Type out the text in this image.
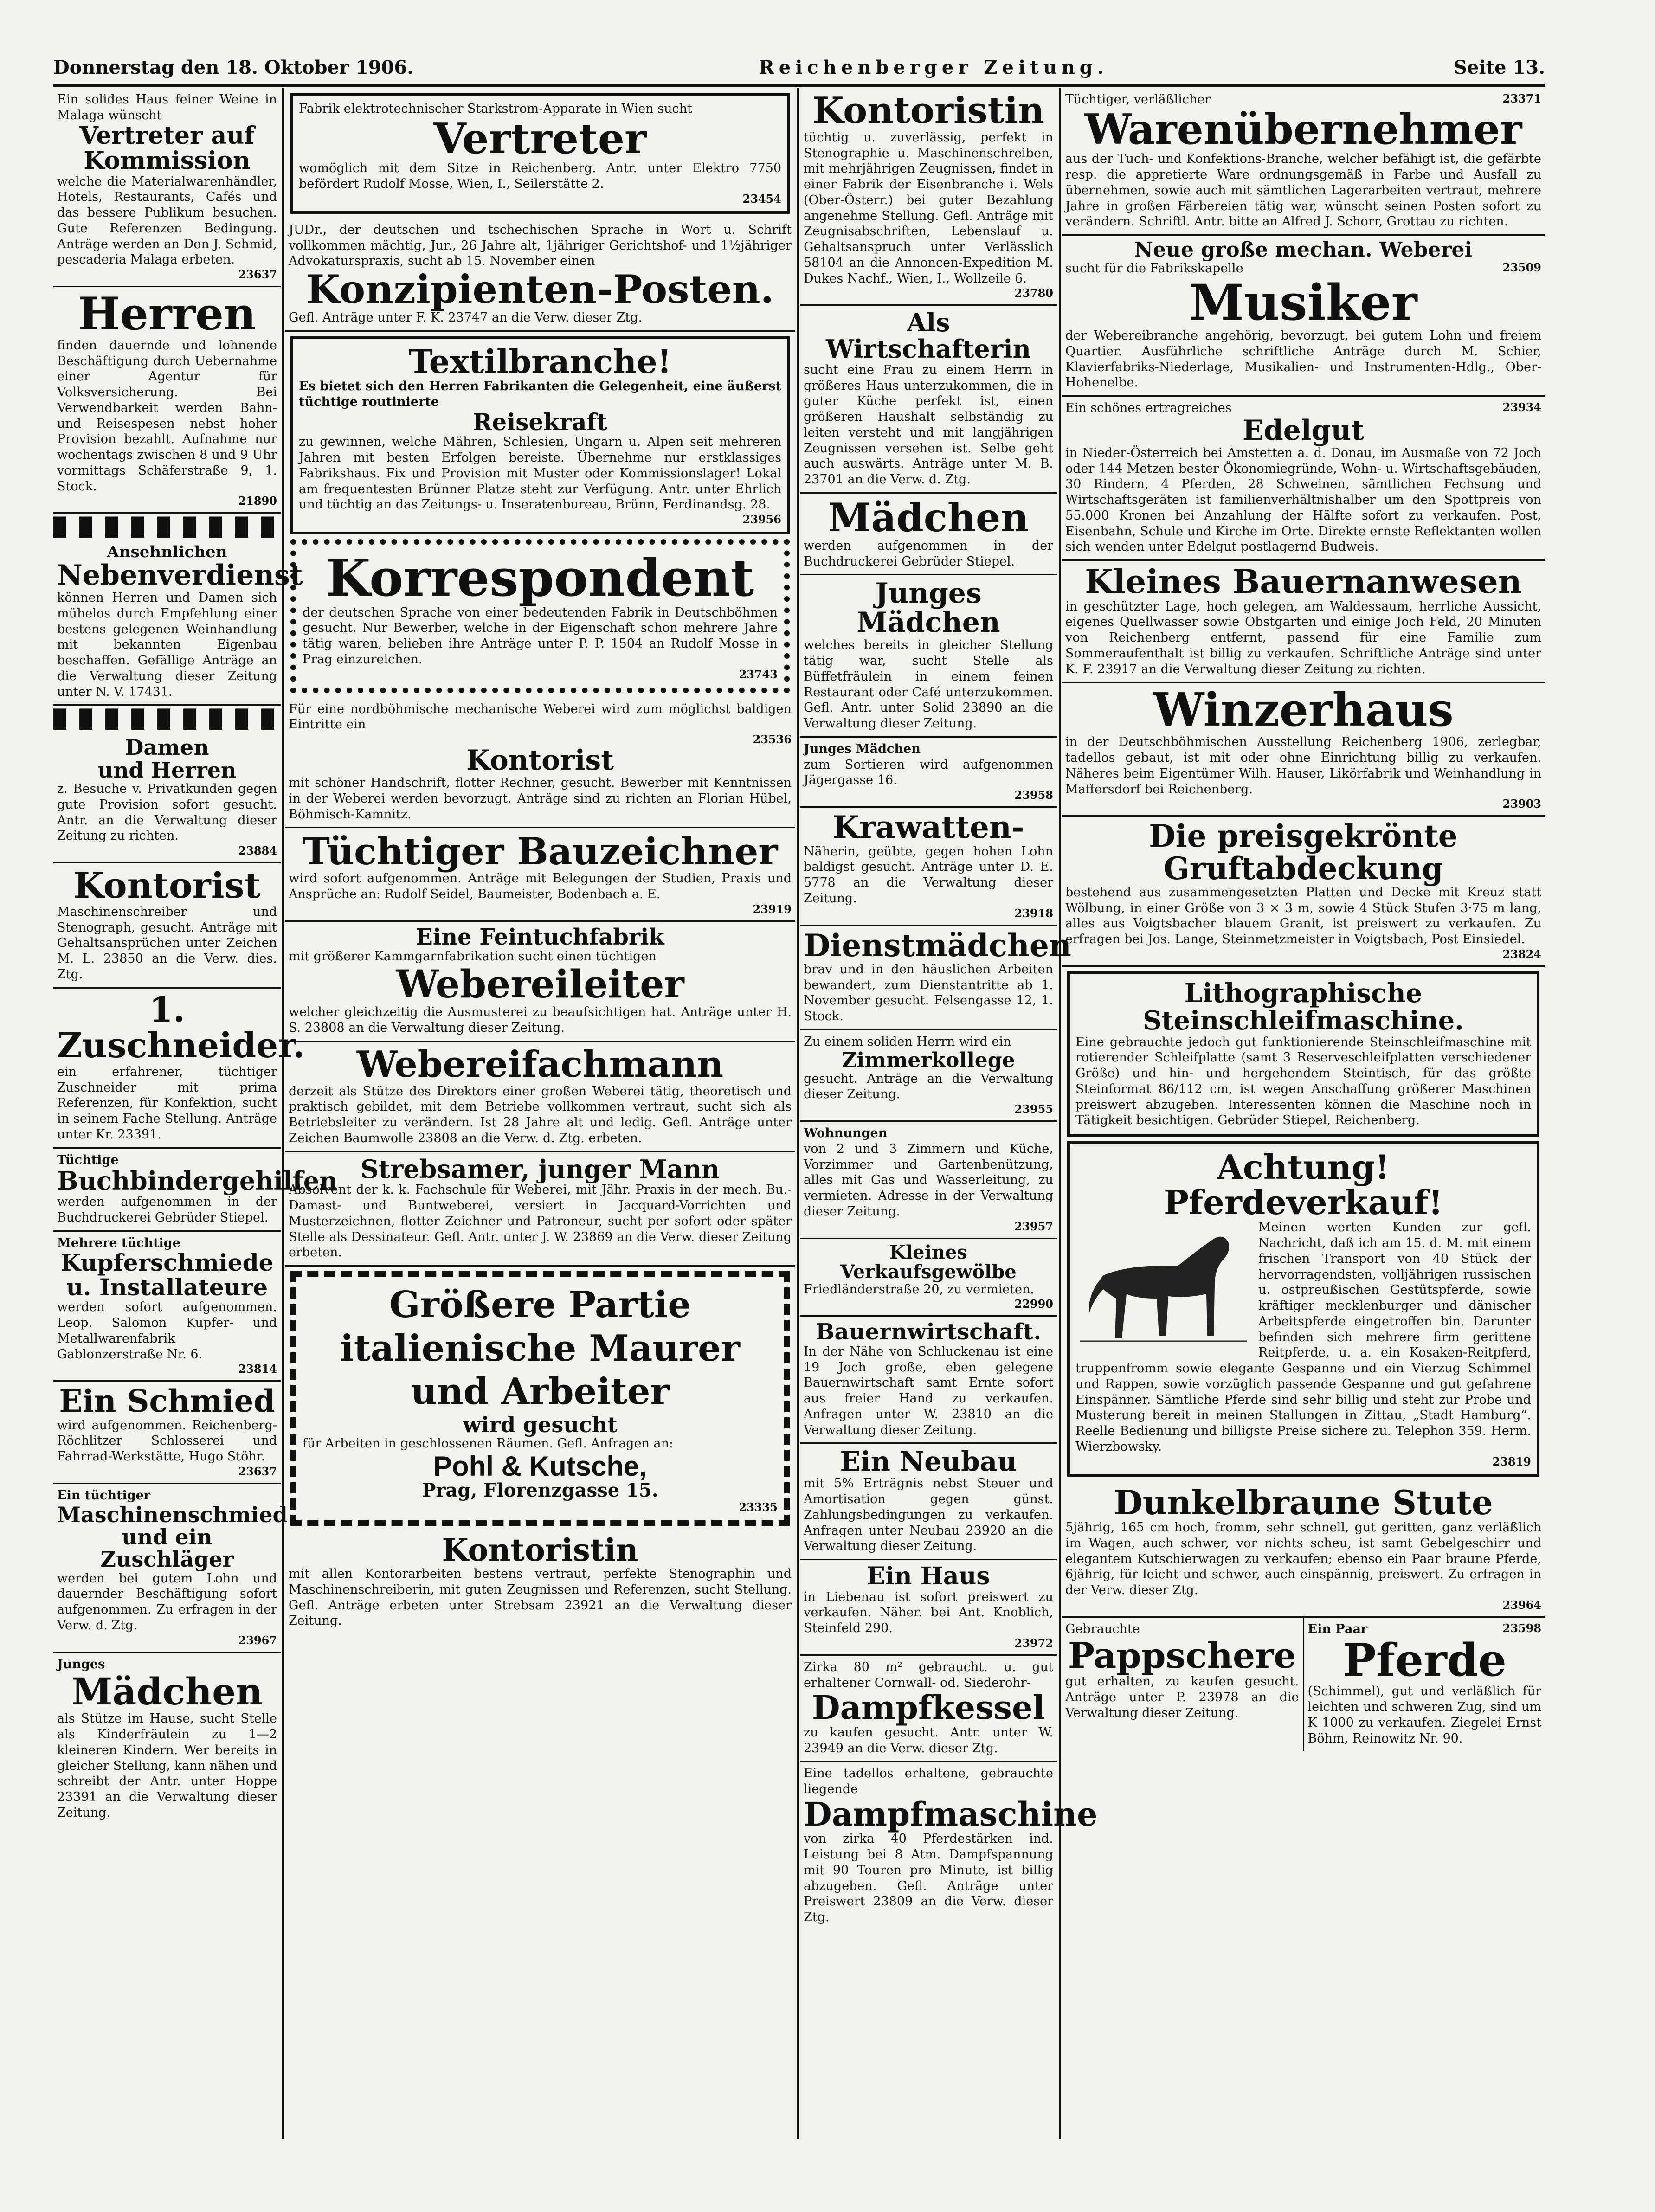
Donnerstag den 18. Oktober 1906.	Reichenberger Zeitung.	Seite 13.
Ein solides Haus feiner Weine in Malaga wünscht
Vertreter auf Kommission
welche die Materialwarenhändler, Hotels, Restaurants, Cafés und das bessere Publikum besuchen. Gute Referenzen Bedingung. Anträge werden an Don J. Schmid, pescaderia Malaga erbeten.
23637
Herren
finden dauernde und lohnende Beschäftigung durch Uebernahme einer Agentur für Volksversicherung. Bei Verwendbarkeit werden Bahn- und Reisespesen nebst hoher Provision bezahlt. Aufnahme nur wochentags zwischen 8 und 9 Uhr vormittags Schäferstraße 9, 1. Stock.
21890
Ansehnlichen
Nebenverdienst
können Herren und Damen sich mühelos durch Empfehlung einer bestens gelegenen Weinhandlung mit bekannten Eigenbau beschaffen. Gefällige Anträge an die Verwaltung dieser Zeitung unter N. V. 17431.
Damen
und Herren
z. Besuche v. Privatkunden gegen gute Provision sofort gesucht. Antr. an die Verwaltung dieser Zeitung zu richten.
23884
Kontorist
Maschinenschreiber und Stenograph, gesucht. Anträge mit Gehaltsansprüchen unter Zeichen M. L. 23850 an die Verw. dies. Ztg.
1. Zuschneider.
ein erfahrener, tüchtiger Zuschneider mit prima Referenzen, für Konfektion, sucht in seinem Fache Stellung. Anträge unter Kr. 23391.
Tüchtige
Buchbindergehilfen
werden aufgenommen in der Buchdruckerei Gebrüder Stiepel.
Mehrere tüchtige
Kupferschmiede u. Installateure
werden sofort aufgenommen. Leop. Salomon Kupfer- und Metallwarenfabrik Gablonzerstraße Nr. 6.
23814
Ein Schmied
wird aufgenommen. Reichenberg-Röchlitzer Schlosserei und Fahrrad-Werkstätte, Hugo Stöhr.
23637
Ein tüchtiger
Maschinenschmied und ein Zuschläger
werden bei gutem Lohn und dauernder Beschäftigung sofort aufgenommen. Zu erfragen in der Verw. d. Ztg.
23967
Junges
Mädchen
als Stütze im Hause, sucht Stelle als Kinderfräulein zu 1—2 kleineren Kindern. Wer bereits in gleicher Stellung, kann nähen und schreibt der Antr. unter Hoppe 23391 an die Verwaltung dieser Zeitung.
Fabrik elektrotechnischer Starkstrom-Apparate in Wien sucht
Vertreter
womöglich mit dem Sitze in Reichenberg. Antr. unter Elektro 7750 befördert Rudolf Mosse, Wien, I., Seilerstätte 2.
23454
JUDr., der deutschen und tschechischen Sprache in Wort u. Schrift vollkommen mächtig, Jur., 26 Jahre alt, 1jähriger Gerichtshof- und 1½jähriger Advokaturspraxis, sucht ab 15. November einen
Konzipienten-Posten.
Gefl. Anträge unter F. K. 23747 an die Verw. dieser Ztg.
Textilbranche!
Es bietet sich den Herren Fabrikanten die Gelegenheit, eine äußerst tüchtige routinierte
Reisekraft
zu gewinnen, welche Mähren, Schlesien, Ungarn u. Alpen seit mehreren Jahren mit besten Erfolgen bereiste. Übernehme nur erstklassiges Fabrikshaus. Fix und Provision mit Muster oder Kommissionslager! Lokal am frequentesten Brünner Platze steht zur Verfügung. Antr. unter Ehrlich und tüchtig an das Zeitungs- u. Inseratenbureau, Brünn, Ferdinandsg. 28.
23956
Korrespondent
der deutschen Sprache von einer bedeutenden Fabrik in Deutschböhmen gesucht. Nur Bewerber, welche in der Eigenschaft schon mehrere Jahre tätig waren, belieben ihre Anträge unter P. P. 1504 an Rudolf Mosse in Prag einzureichen.
23743
Für eine nordböhmische mechanische Weberei wird zum möglichst baldigen Eintritte ein
23536
Kontorist
mit schöner Handschrift, flotter Rechner, gesucht. Bewerber mit Kenntnissen in der Weberei werden bevorzugt. Anträge sind zu richten an Florian Hübel, Böhmisch-Kamnitz.
Tüchtiger Bauzeichner
wird sofort aufgenommen. Anträge mit Belegungen der Studien, Praxis und Ansprüche an: Rudolf Seidel, Baumeister, Bodenbach a. E.
23919
Eine Feintuchfabrik
mit größerer Kammgarnfabrikation sucht einen tüchtigen
Webereileiter
welcher gleichzeitig die Ausmusterei zu beaufsichtigen hat. Anträge unter H. S. 23808 an die Verwaltung dieser Zeitung.
Webereifachmann
derzeit als Stütze des Direktors einer großen Weberei tätig, theoretisch und praktisch gebildet, mit dem Betriebe vollkommen vertraut, sucht sich als Betriebsleiter zu verändern. Ist 28 Jahre alt und ledig. Gefl. Anträge unter Zeichen Baumwolle 23808 an die Verw. d. Ztg. erbeten.
Strebsamer, junger Mann
Absolvent der k. k. Fachschule für Weberei, mit Jähr. Praxis in der mech. Bu.-Damast- und Buntweberei, versiert in Jacquard-Vorrichten und Musterzeichnen, flotter Zeichner und Patroneur, sucht per sofort oder später Stelle als Dessinateur. Gefl. Antr. unter J. W. 23869 an die Verw. dieser Zeitung erbeten.
Größere Partie italienische Maurer und Arbeiter
wird gesucht
für Arbeiten in geschlossenen Räumen. Gefl. Anfragen an:
Pohl & Kutsche,
Prag, Florenzgasse 15.
23335
Kontoristin
mit allen Kontorarbeiten bestens vertraut, perfekte Stenographin und Maschinenschreiberin, mit guten Zeugnissen und Referenzen, sucht Stellung. Gefl. Anträge erbeten unter Strebsam 23921 an die Verwaltung dieser Zeitung.
Kontoristin
tüchtig u. zuverlässig, perfekt in Stenographie u. Maschinenschreiben, mit mehrjährigen Zeugnissen, findet in einer Fabrik der Eisenbranche i. Wels (Ober-Österr.) bei guter Bezahlung angenehme Stellung. Gefl. Anträge mit Zeugnisabschriften, Lebenslauf u. Gehaltsanspruch unter Verlässlich 58104 an die Annoncen-Expedition M. Dukes Nachf., Wien, I., Wollzeile 6.
23780
Als Wirtschafterin
sucht eine Frau zu einem Herrn in größeres Haus unterzukommen, die in guter Küche perfekt ist, einen größeren Haushalt selbständig zu leiten versteht und mit langjährigen Zeugnissen versehen ist. Selbe geht auch auswärts. Anträge unter M. B. 23701 an die Verw. d. Ztg.
Mädchen
werden aufgenommen in der Buchdruckerei Gebrüder Stiepel.
Junges Mädchen
welches bereits in gleicher Stellung tätig war, sucht Stelle als Büffetfräulein in einem feinen Restaurant oder Café unterzukommen. Gefl. Antr. unter Solid 23890 an die Verwaltung dieser Zeitung.
Junges Mädchen
zum Sortieren wird aufgenommen Jägergasse 16.
23958
Krawatten-
Näherin, geübte, gegen hohen Lohn baldigst gesucht. Anträge unter D. E. 5778 an die Verwaltung dieser Zeitung.
23918
Dienstmädchen
brav und in den häuslichen Arbeiten bewandert, zum Dienstantritte ab 1. November gesucht. Felsengasse 12, 1. Stock.
Zu einem soliden Herrn wird ein
Zimmerkollege
gesucht. Anträge an die Verwaltung dieser Zeitung.
23955
Wohnungen
von 2 und 3 Zimmern und Küche, Vorzimmer und Gartenbenützung, alles mit Gas und Wasserleitung, zu vermieten. Adresse in der Verwaltung dieser Zeitung.
23957
Kleines Verkaufsgewölbe
Friedländerstraße 20, zu vermieten.
22990
Bauernwirtschaft.
In der Nähe von Schluckenau ist eine 19 Joch große, eben gelegene Bauernwirtschaft samt Ernte sofort aus freier Hand zu verkaufen. Anfragen unter W. 23810 an die Verwaltung dieser Zeitung.
Ein Neubau
mit 5% Erträgnis nebst Steuer und Amortisation gegen günst. Zahlungsbedingungen zu verkaufen. Anfragen unter Neubau 23920 an die Verwaltung dieser Zeitung.
Ein Haus
in Liebenau ist sofort preiswert zu verkaufen. Näher. bei Ant. Knoblich, Steinfeld 290.
23972
Zirka 80 m² gebraucht. u. gut erhaltener Cornwall- od. Siederohr-
Dampfkessel
zu kaufen gesucht. Antr. unter W. 23949 an die Verw. dieser Ztg.
Eine tadellos erhaltene, gebrauchte liegende
Dampfmaschine
von zirka 40 Pferdestärken ind. Leistung bei 8 Atm. Dampfspannung mit 90 Touren pro Minute, ist billig abzugeben. Gefl. Anträge unter Preiswert 23809 an die Verw. dieser Ztg.
Tüchtiger, verläßlicher	23371
Warenübernehmer
aus der Tuch- und Konfektions-Branche, welcher befähigt ist, die gefärbte resp. die appretierte Ware ordnungsgemäß in Farbe und Ausfall zu übernehmen, sowie auch mit sämtlichen Lagerarbeiten vertraut, mehrere Jahre in großen Färbereien tätig war, wünscht seinen Posten sofort zu verändern. Schriftl. Antr. bitte an Alfred J. Schorr, Grottau zu richten.
Neue große mechan. Weberei
sucht für die Fabrikskapelle	23509
Musiker
der Webereibranche angehörig, bevorzugt, bei gutem Lohn und freiem Quartier. Ausführliche schriftliche Anträge durch M. Schier, Klavierfabriks-Niederlage, Musikalien- und Instrumenten-Hdlg., Ober-Hohenelbe.
Ein schönes ertragreiches	23934
Edelgut
in Nieder-Österreich bei Amstetten a. d. Donau, im Ausmaße von 72 Joch oder 144 Metzen bester Ökonomiegründe, Wohn- u. Wirtschaftsgebäuden, 30 Rindern, 4 Pferden, 28 Schweinen, sämtlichen Fechsung und Wirtschaftsgeräten ist familienverhältnishalber um den Spottpreis von 55.000 Kronen bei Anzahlung der Hälfte sofort zu verkaufen. Post, Eisenbahn, Schule und Kirche im Orte. Direkte ernste Reflektanten wollen sich wenden unter Edelgut postlagernd Budweis.
Kleines Bauernanwesen
in geschützter Lage, hoch gelegen, am Waldessaum, herrliche Aussicht, eigenes Quellwasser sowie Obstgarten und einige Joch Feld, 20 Minuten von Reichenberg entfernt, passend für eine Familie zum Sommeraufenthalt ist billig zu verkaufen. Schriftliche Anträge sind unter K. F. 23917 an die Verwaltung dieser Zeitung zu richten.
Winzerhaus
in der Deutschböhmischen Ausstellung Reichenberg 1906, zerlegbar, tadellos gebaut, ist mit oder ohne Einrichtung billig zu verkaufen. Näheres beim Eigentümer Wilh. Hauser, Likörfabrik und Weinhandlung in Maffersdorf bei Reichenberg.
23903
Die preisgekrönte Gruftabdeckung
bestehend aus zusammengesetzten Platten und Decke mit Kreuz statt Wölbung, in einer Größe von 3 × 3 m, sowie 4 Stück Stufen 3·75 m lang, alles aus Voigtsbacher blauem Granit, ist preiswert zu verkaufen. Zu erfragen bei Jos. Lange, Steinmetzmeister in Voigtsbach, Post Einsiedel.
23824
Lithographische Steinschleifmaschine.
Eine gebrauchte jedoch gut funktionierende Steinschleifmaschine mit rotierender Schleifplatte (samt 3 Reserveschleifplatten verschiedener Größe) und hin- und hergehendem Steintisch, für das größte Steinformat 86/112 cm, ist wegen Anschaffung größerer Maschinen preiswert abzugeben. Interessenten können die Maschine noch in Tätigkeit besichtigen. Gebrüder Stiepel, Reichenberg.
Achtung! Pferdeverkauf!
Meinen werten Kunden zur gefl. Nachricht, daß ich am 15. d. M. mit einem frischen Transport von 40 Stück der hervorragendsten, volljährigen russischen u. ostpreußischen Gestütspferde, sowie kräftiger mecklenburger und dänischer Arbeitspferde eingetroffen bin. Darunter befinden sich mehrere firm gerittene Reitpferde, u. a. ein Kosaken-Reitpferd, truppenfromm sowie elegante Gespanne und ein Vierzug Schimmel und Rappen, sowie vorzüglich passende Gespanne und gut gefahrene Einspänner. Sämtliche Pferde sind sehr billig und steht zur Probe und Musterung bereit in meinen Stallungen in Zittau, „Stadt Hamburg“. Reelle Bedienung und billigste Preise sichere zu. Telephon 359. Herm. Wierzbowsky.
23819
Dunkelbraune Stute
5jährig, 165 cm hoch, fromm, sehr schnell, gut geritten, ganz verläßlich im Wagen, auch schwer, vor nichts scheu, ist samt Gebelgeschirr und elegantem Kutschierwagen zu verkaufen; ebenso ein Paar braune Pferde, 6jährig, für leicht und schwer, auch einspännig, preiswert. Zu erfragen in der Verw. dieser Ztg.
23964
Gebrauchte
Pappschere
gut erhalten, zu kaufen gesucht. Anträge unter P. 23978 an die Verwaltung dieser Zeitung.
Ein Paar	23598
Pferde
(Schimmel), gut und verläßlich für leichten und schweren Zug, sind um K 1000 zu verkaufen. Ziegelei Ernst Böhm, Reinowitz Nr. 90.
